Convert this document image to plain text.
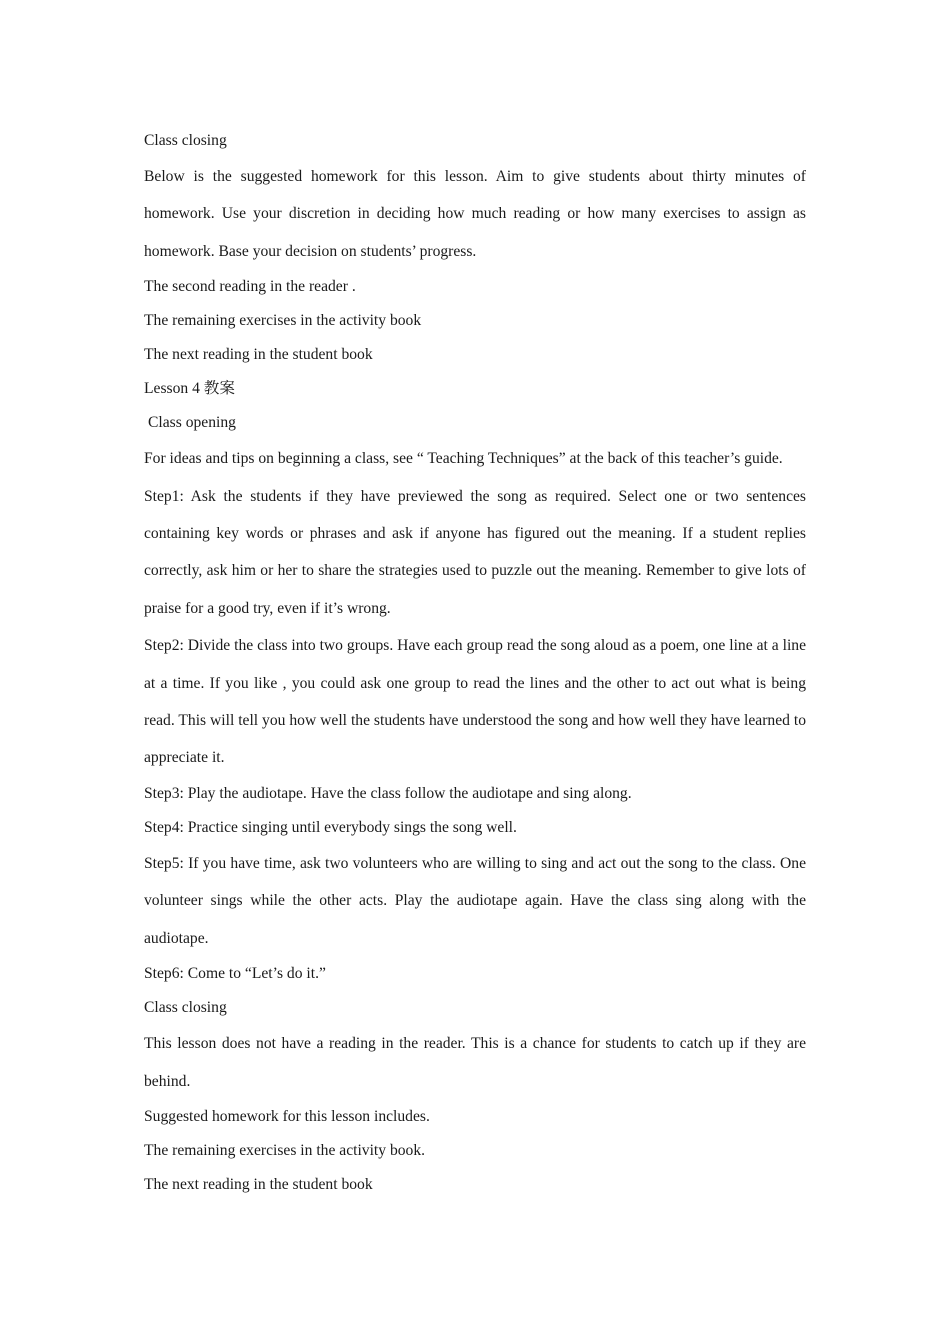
Class closing

Below is the suggested homework for this lesson. Aim to give students about thirty minutes of homework. Use your discretion in deciding how much reading or how many exercises to assign as homework. Base your decision on students’ progress.

The second reading in the reader .

The remaining exercises in the activity book

The next reading in the student book

Lesson 4 教案

Class opening

For ideas and tips on beginning a class, see “ Teaching Techniques” at the back of this teacher’s guide.

Step1: Ask the students if they have previewed the song as required. Select one or two sentences containing key words or phrases and ask if anyone has figured out the meaning. If a student replies correctly, ask him or her to share the strategies used to puzzle out the meaning. Remember to give lots of praise for a good try, even if it’s wrong.

Step2: Divide the class into two groups. Have each group read the song aloud as a poem, one line at a line at a time. If you like , you could ask one group to read the lines and the other to act out what is being read. This will tell you how well the students have understood the song and how well they have learned to appreciate it.

Step3: Play the audiotape. Have the class follow the audiotape and sing along.

Step4: Practice singing until everybody sings the song well.

Step5: If you have time, ask two volunteers who are willing to sing and act out the song to the class. One volunteer sings while the other acts. Play the audiotape again. Have the class sing along with the audiotape.

Step6: Come to “Let’s do it.”

Class closing

This lesson does not have a reading in the reader. This is a chance for students to catch up if they are behind.

Suggested homework for this lesson includes.

The remaining exercises in the activity book.

The next reading in the student book
